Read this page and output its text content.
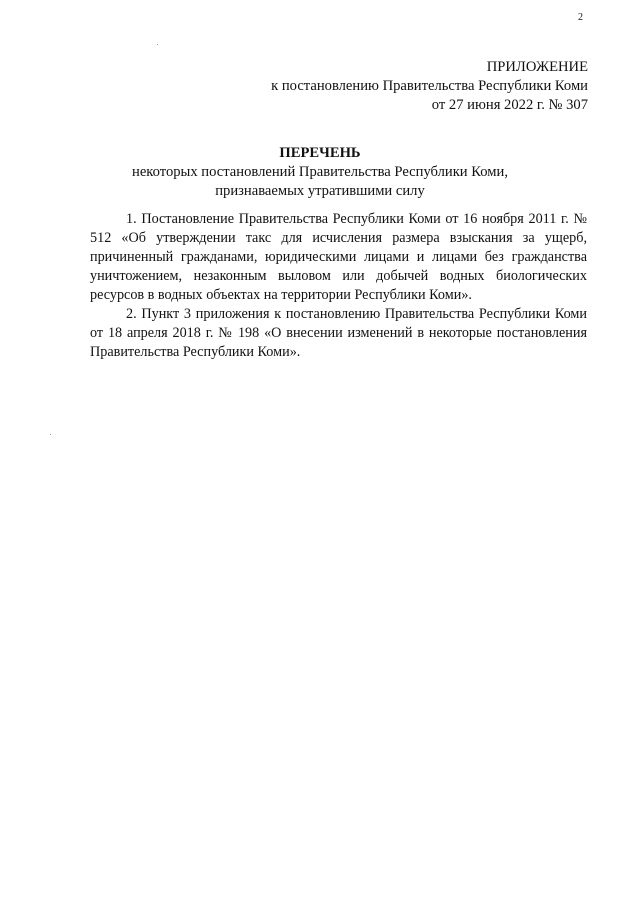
2
ПРИЛОЖЕНИЕ
к постановлению Правительства Республики Коми
от 27 июня 2022 г. № 307
ПЕРЕЧЕНЬ
некоторых постановлений Правительства Республики Коми,
признаваемых утратившими силу

1. Постановление Правительства Республики Коми от 16 ноября 2011 г. № 512 «Об утверждении такс для исчисления размера взыскания за ущерб, причиненный гражданами, юридическими лицами и лицами без гражданства уничтожением, незаконным выловом или добычей водных биологических ресурсов в водных объектах на территории Республики Коми».

2. Пункт 3 приложения к постановлению Правительства Республики Коми от 18 апреля 2018 г. № 198 «О внесении изменений в некоторые постановления Правительства Республики Коми».
